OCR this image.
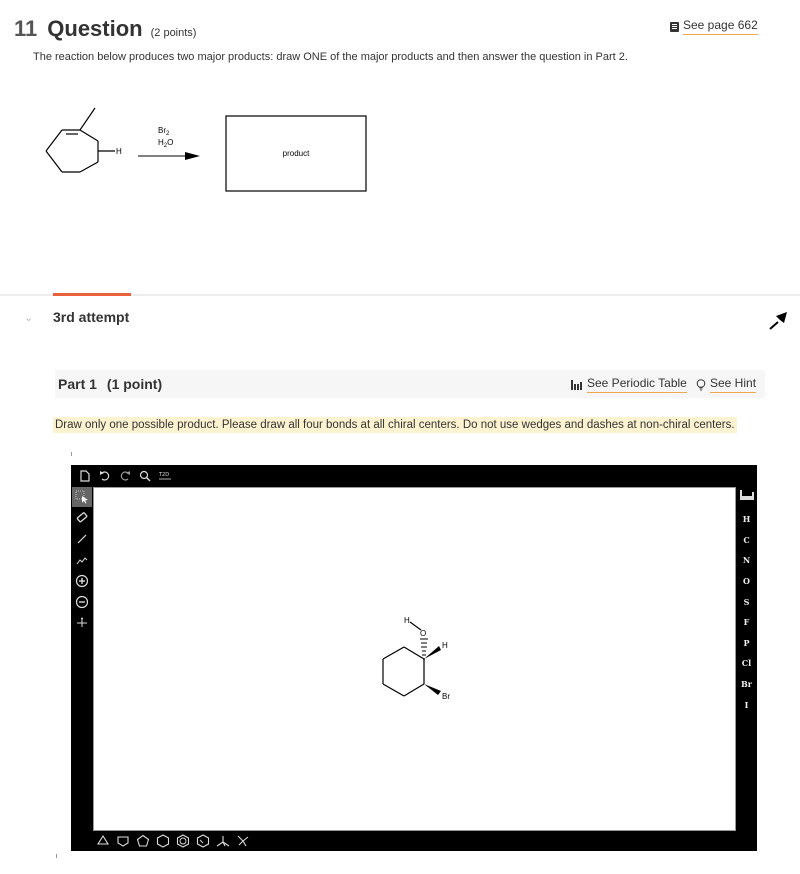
11 Question (2 points)
See page 662
The reaction below produces two major products: draw ONE of the major products and then answer the question in Part 2.
H
$Br_2$
$H_2O$
product
⌄ 3rd attempt
Part 1 (1 point)	See Periodic Table See Hint
Draw only one possible product. Please draw all four bonds at all chiral centers. Do not use wedges and dashes at non-chiral centers.
T2D
H
O
H
Br
H
C
N
O
S
F
P
Cl
Br
I
